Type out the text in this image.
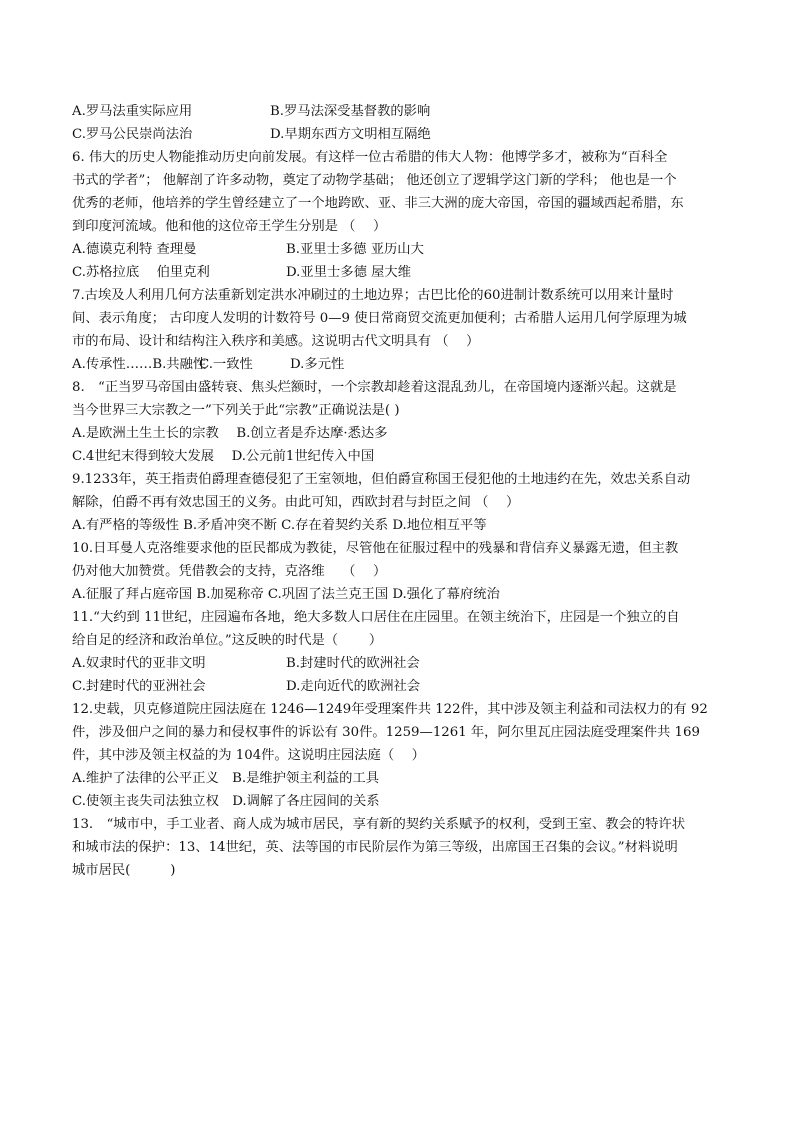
A.罗马法重实际应用	B.罗马法深受基督教的影响
C.罗马公民崇尚法治	D.早期东西方文明相互隔绝
6. 伟大的历史人物能推动历史向前发展。有这样一位古希腊的伟大人物：他博学多才，被称为“百科全
书式的学者”； 他解剖了许多动物，奠定了动物学基础； 他还创立了逻辑学这门新的学科； 他也是一个
优秀的老师，他培养的学生曾经建立了一个地跨欧、亚、非三大洲的庞大帝国，帝国的疆域西起希腊，东
到印度河流域。他和他的这位帝王学生分别是 （　 ）
A.德谟克利特 查理曼	B.亚里士多德 亚历山大
C.苏格拉底　 伯里克利	D.亚里士多德 屋大维
7.古埃及人利用几何方法重新划定洪水冲刷过的土地边界；古巴比伦的60进制计数系统可以用来计量时
间、表示角度； 古印度人发明的计数符号 0—9 使日常商贸交流更加便利；古希腊人运用几何学原理为城
市的布局、设计和结构注入秩序和美感。这说明古代文明具有 （　 ）
A.传承性……B.共融性C.一致性	D.多元性
8.　“正当罗马帝国由盛转衰、焦头烂额时，一个宗教却趁着这混乱劲儿，在帝国境内逐渐兴起。这就是
当今世界三大宗教之一”下列关于此“宗教”正确说法是( )
A.是欧洲土生土长的宗教　 B.创立者是乔达摩·悉达多
C.4世纪末得到较大发展　 D.公元前1世纪传入中国
9.1233年，英王指责伯爵理查德侵犯了王室领地，但伯爵宣称国王侵犯他的土地违约在先，效忠关系自动
解除，伯爵不再有效忠国王的义务。由此可知，西欧封君与封臣之间 （　 ）
A.有严格的等级性 B.矛盾冲突不断 C.存在着契约关系 D.地位相互平等
10.日耳曼人克洛维要求他的臣民都成为教徒，尽管他在征服过程中的残暴和背信弃义暴露无遗，但主教
仍对他大加赞赏。凭借教会的支持，克洛维　 （　 ）
A.征服了拜占庭帝国 B.加冕称帝 C.巩固了法兰克王国 D.强化了幕府统治
11.“大约到 11世纪，庄园遍布各地，绝大多数人口居住在庄园里。在领主统治下，庄园是一个独立的自
给自足的经济和政治单位。”这反映的时代是（　　 ）
A.奴隶时代的亚非文明	B.封建时代的欧洲社会
C.封建时代的亚洲社会	D.走向近代的欧洲社会
12.史载，贝克修道院庄园法庭在 1246—1249年受理案件共 122件，其中涉及领主利益和司法权力的有 92
件，涉及佃户之间的暴力和侵权事件的诉讼有 30件。1259—1261 年，阿尔里瓦庄园法庭受理案件共 169
件，其中涉及领主权益的为 104件。这说明庄园法庭（　 ）
A.维护了法律的公平正义　B.是维护领主利益的工具
C.使领主丧失司法独立权　D.调解了各庄园间的关系
13.　“城市中，手工业者、商人成为城市居民，享有新的契约关系赋予的权利，受到王室、教会的特许状
和城市法的保护：13、14世纪，英、法等国的市民阶层作为第三等级，出席国王召集的会议。”材料说明
城市居民(　　　)
